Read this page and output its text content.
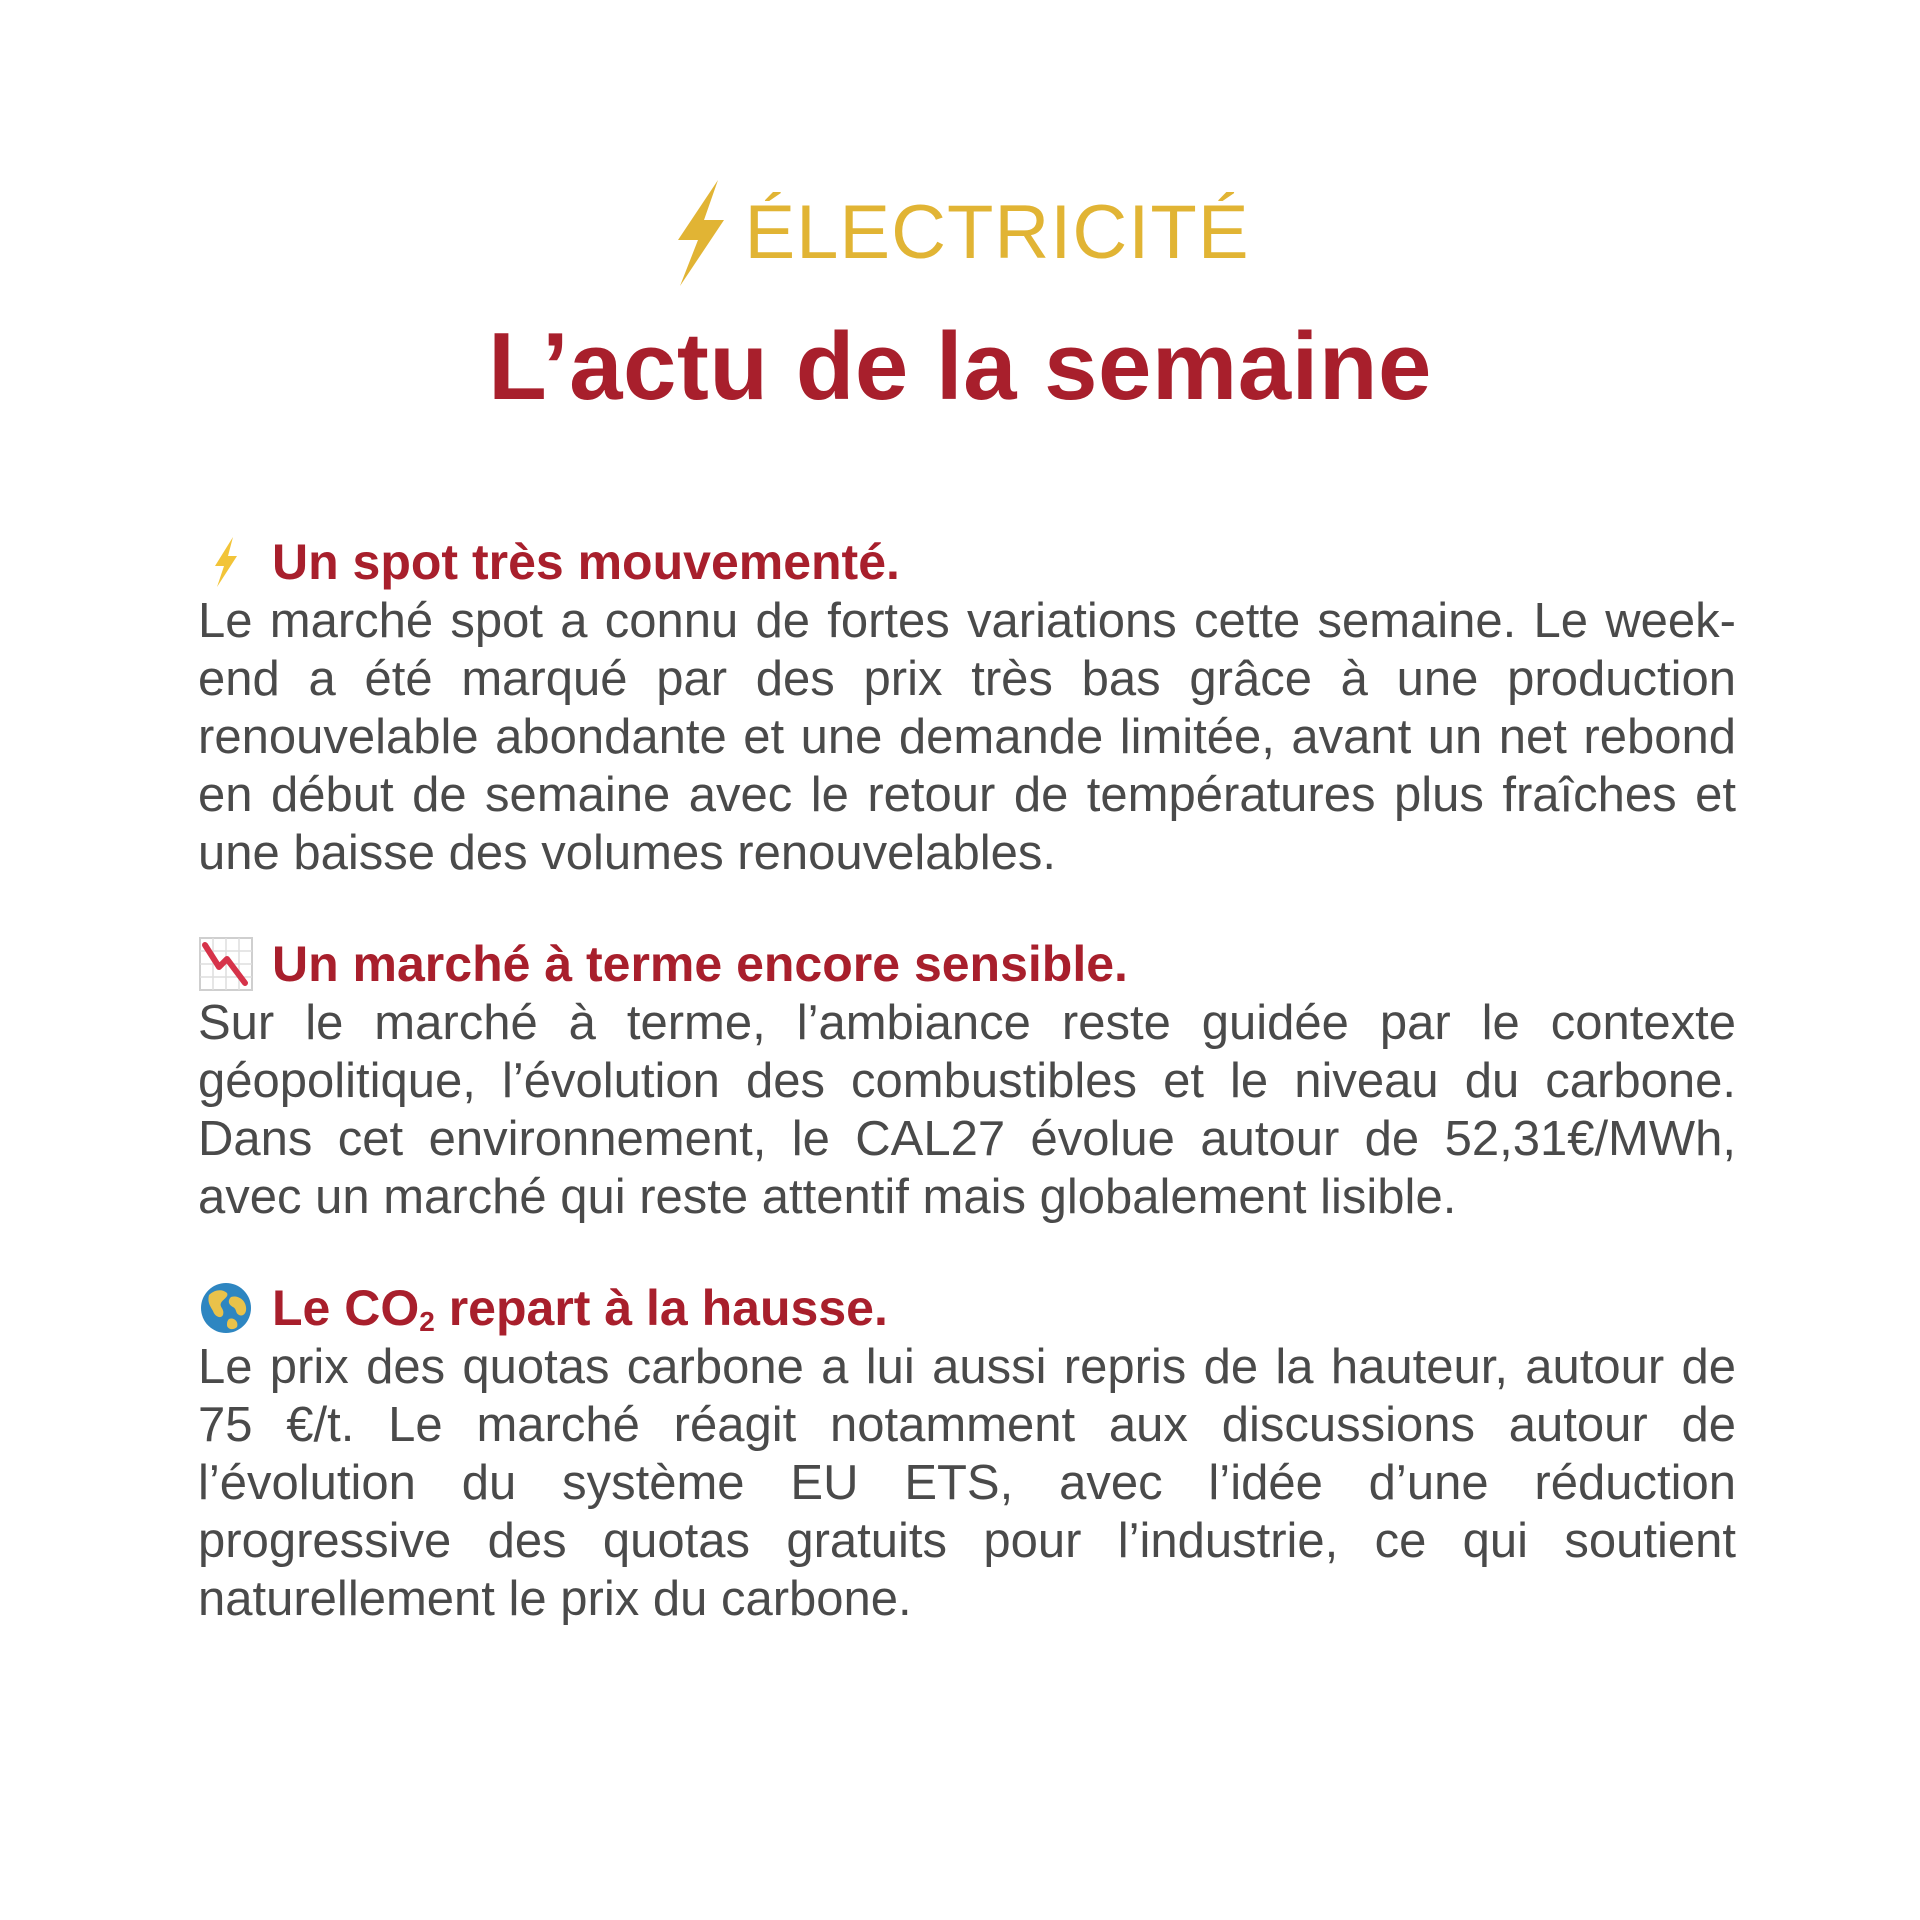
ÉLECTRICITÉ
L’actu de la semaine
Un spot très mouvementé.

Le marché spot a connu de fortes variations cette semaine. Le week-end a été marqué par des prix très bas grâce à une production renouvelable abondante et une demande limitée, avant un net rebond en début de semaine avec le retour de températures plus fraîches et une baisse des volumes renouvelables.

Un marché à terme encore sensible.

Sur le marché à terme, l’ambiance reste guidée par le contexte géopolitique, l’évolution des combustibles et le niveau du carbone. Dans cet environnement, le CAL27 évolue autour de 52,31€/MWh, avec un marché qui reste attentif mais globalement lisible.

Le $CO_2$ repart à la hausse.

Le prix des quotas carbone a lui aussi repris de la hauteur, autour de 75 €/t. Le marché réagit notamment aux discussions autour de l’évolution du système EU ETS, avec l’idée d’une réduction progressive des quotas gratuits pour l’industrie, ce qui soutient naturellement le prix du carbone.
